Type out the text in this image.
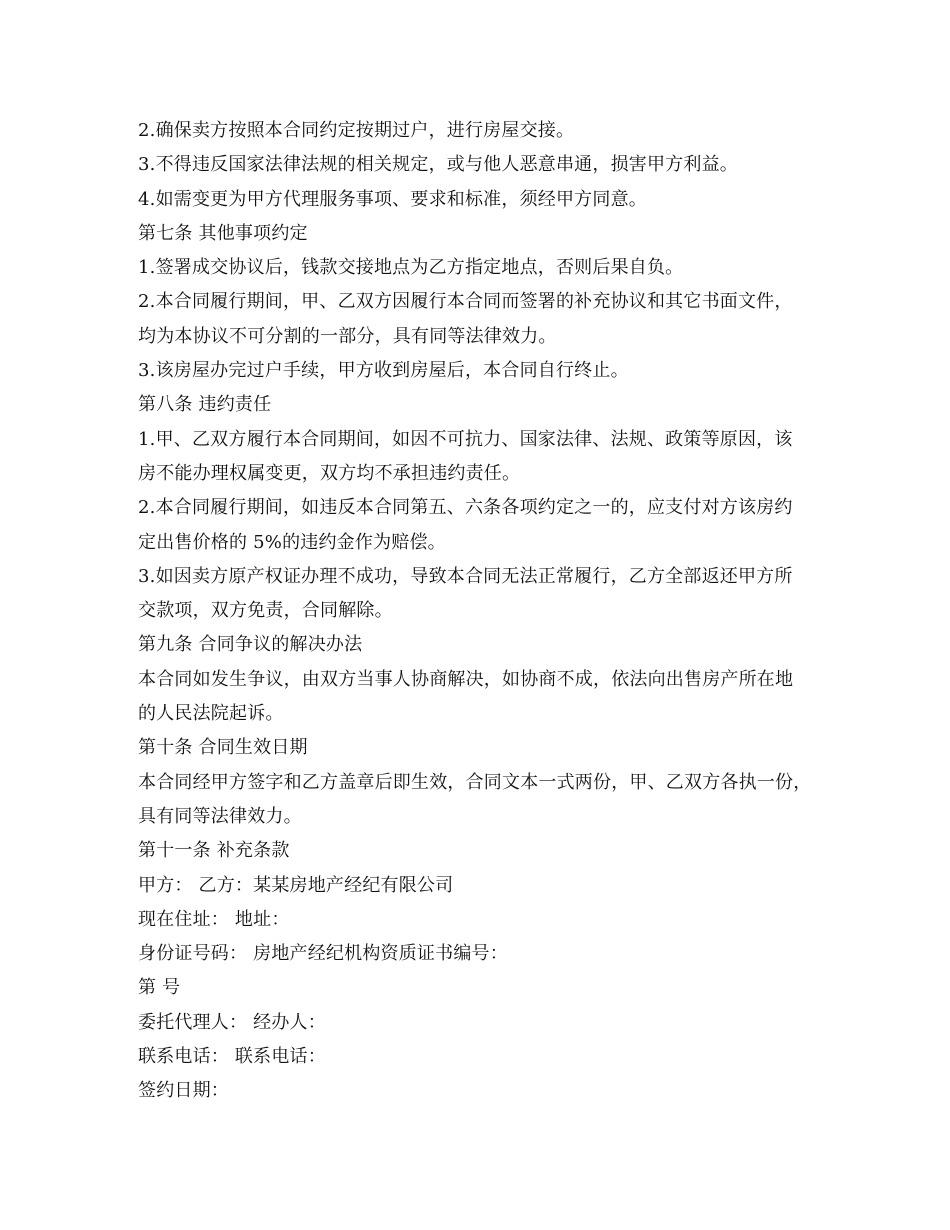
2.确保卖方按照本合同约定按期过户，进行房屋交接。
3.不得违反国家法律法规的相关规定，或与他人恶意串通，损害甲方利益。
4.如需变更为甲方代理服务事项、要求和标准，须经甲方同意。
第七条 其他事项约定
1.签署成交协议后，钱款交接地点为乙方指定地点，否则后果自负。
2.本合同履行期间，甲、乙双方因履行本合同而签署的补充协议和其它书面文件，
均为本协议不可分割的一部分，具有同等法律效力。
3.该房屋办完过户手续，甲方收到房屋后，本合同自行终止。
第八条 违约责任
1.甲、乙双方履行本合同期间，如因不可抗力、国家法律、法规、政策等原因，该
房不能办理权属变更，双方均不承担违约责任。
2.本合同履行期间，如违反本合同第五、六条各项约定之一的，应支付对方该房约
定出售价格的 5%的违约金作为赔偿。
3.如因卖方原产权证办理不成功，导致本合同无法正常履行，乙方全部返还甲方所
交款项，双方免责，合同解除。
第九条 合同争议的解决办法
本合同如发生争议，由双方当事人协商解决，如协商不成，依法向出售房产所在地
的人民法院起诉。
第十条 合同生效日期
本合同经甲方签字和乙方盖章后即生效，合同文本一式两份，甲、乙双方各执一份，
具有同等法律效力。
第十一条 补充条款
甲方： 乙方：某某房地产经纪有限公司
现在住址： 地址：
身份证号码： 房地产经纪机构资质证书编号：
第 号
委托代理人： 经办人：
联系电话： 联系电话：
签约日期：
